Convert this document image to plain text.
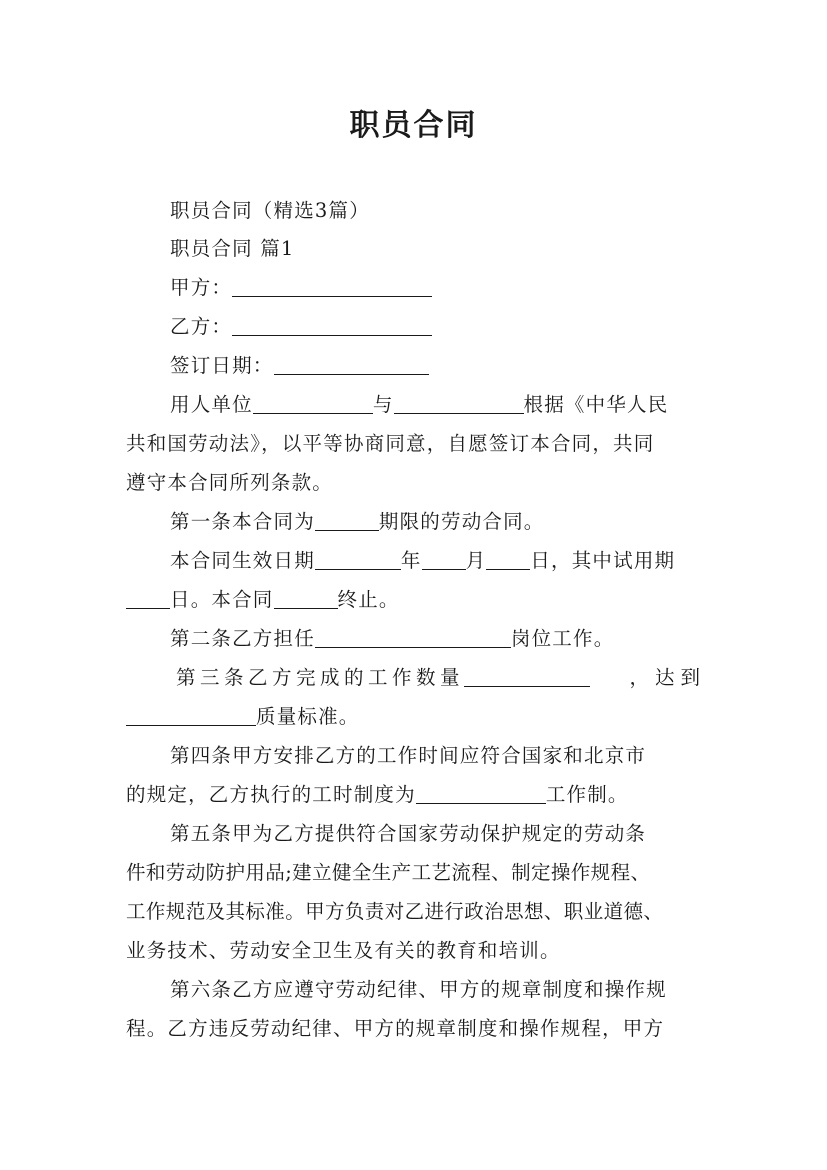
职员合同
职员合同（精选3篇）
职员合同 篇1
甲方：
乙方：
签订日期：
用人单位	与	根据《中华人民
共和国劳动法》，以平等协商同意，自愿签订本合同，共同
遵守本合同所列条款。
第一条本合同为	期限的劳动合同。
本合同生效日期	年 月 日，其中试用期
日。本合同	终止。
第二条乙方担任	岗位工作。
第三条乙方完成的工作数量	，达到
质量标准。
第四条甲方安排乙方的工作时间应符合国家和北京市
的规定，乙方执行的工时制度为	工作制。
第五条甲为乙方提供符合国家劳动保护规定的劳动条
件和劳动防护用品;建立健全生产工艺流程、制定操作规程、
工作规范及其标准。甲方负责对乙进行政治思想、职业道德、
业务技术、劳动安全卫生及有关的教育和培训。
第六条乙方应遵守劳动纪律、甲方的规章制度和操作规
程。乙方违反劳动纪律、甲方的规章制度和操作规程，甲方
